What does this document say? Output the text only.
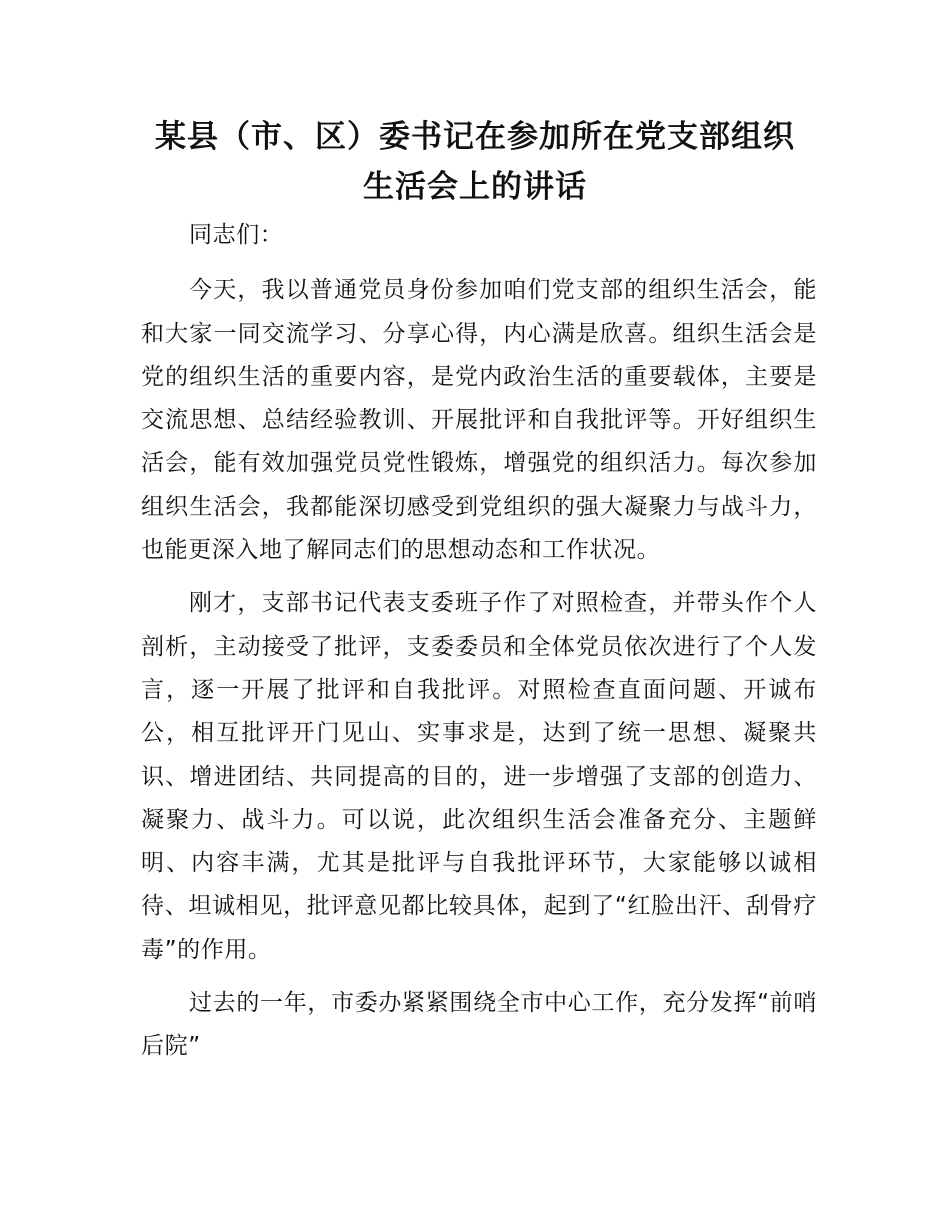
某县（市、区）委书记在参加所在党支部组织
生活会上的讲话

同志们：

今天，我以普通党员身份参加咱们党支部的组织生活会，能和大家一同交流学习、分享心得，内心满是欣喜。组织生活会是党的组织生活的重要内容，是党内政治生活的重要载体，主要是交流思想、总结经验教训、开展批评和自我批评等。开好组织生活会，能有效加强党员党性锻炼，增强党的组织活力。每次参加组织生活会，我都能深切感受到党组织的强大凝聚力与战斗力，也能更深入地了解同志们的思想动态和工作状况。

刚才，支部书记代表支委班子作了对照检查，并带头作个人剖析，主动接受了批评，支委委员和全体党员依次进行了个人发言，逐一开展了批评和自我批评。对照检查直面问题、开诚布公，相互批评开门见山、实事求是，达到了统一思想、凝聚共识、增进团结、共同提高的目的，进一步增强了支部的创造力、凝聚力、战斗力。可以说，此次组织生活会准备充分、主题鲜明、内容丰满，尤其是批评与自我批评环节，大家能够以诚相待、坦诚相见，批评意见都比较具体，起到了“红脸出汗、刮骨疗毒”的作用。

过去的一年，市委办紧紧围绕全市中心工作，充分发挥“前哨后院”
